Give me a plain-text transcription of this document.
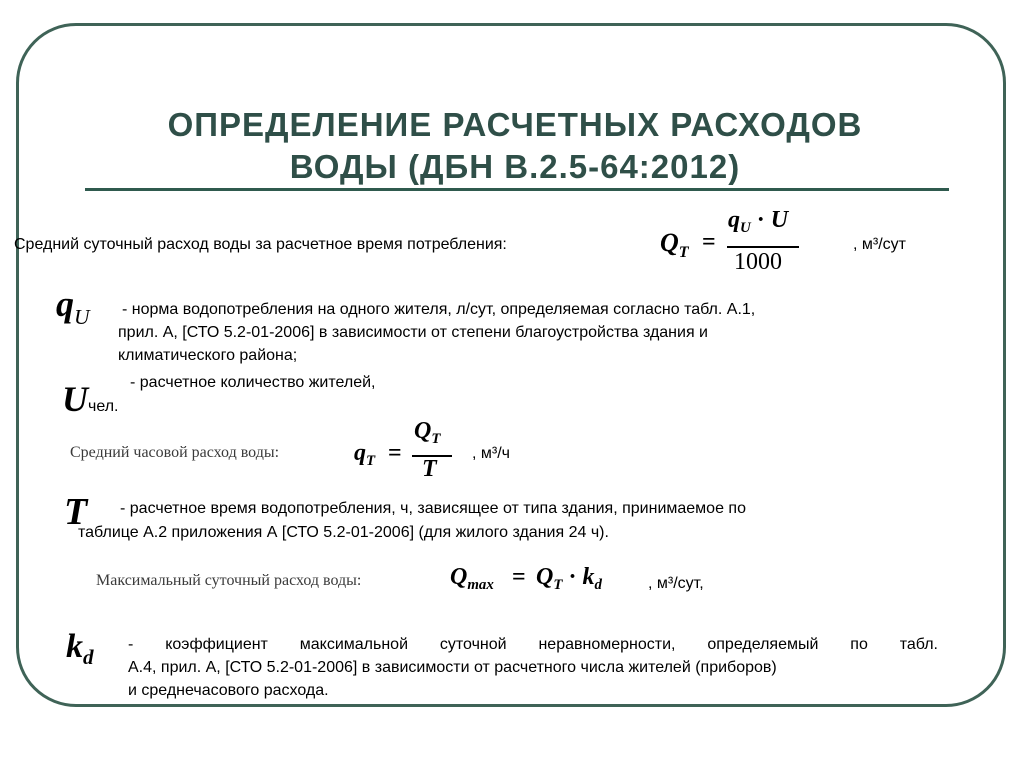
ОПРЕДЕЛЕНИЕ РАСЧЕТНЫХ РАСХОДОВ
ВОДЫ (ДБН В.2.5-64:2012)
Средний суточный расход воды за расчетное время потребления:	$Q_T$ =
$q_U \cdot U$
1000
, м³/сут
$q_U$ - норма водопотребления на одного жителя, л/сут, определяемая согласно табл. А.1,
прил. А, [СТО 5.2-01-2006] в зависимости от степени благоустройства здания и
климатического района;
Uчел.
- расчетное количество жителей,
Средний часовой расход воды:	$q_T$ =
$Q_T$
T
, м³/ч
T - расчетное время водопотребления, ч, зависящее от типа здания, принимаемое по
таблице А.2 приложения А [СТО 5.2-01-2006] (для жилого здания 24 ч).
Максимальный суточный расход воды:	$Q_{max} = Q_T \cdot k_d$	, м³/сут,
$k_d$
- коэффициент максимальной суточной неравномерности, определяемый по табл.
А.4, прил. А, [СТО 5.2-01-2006] в зависимости от расчетного числа жителей (приборов)
и среднечасового расхода.
